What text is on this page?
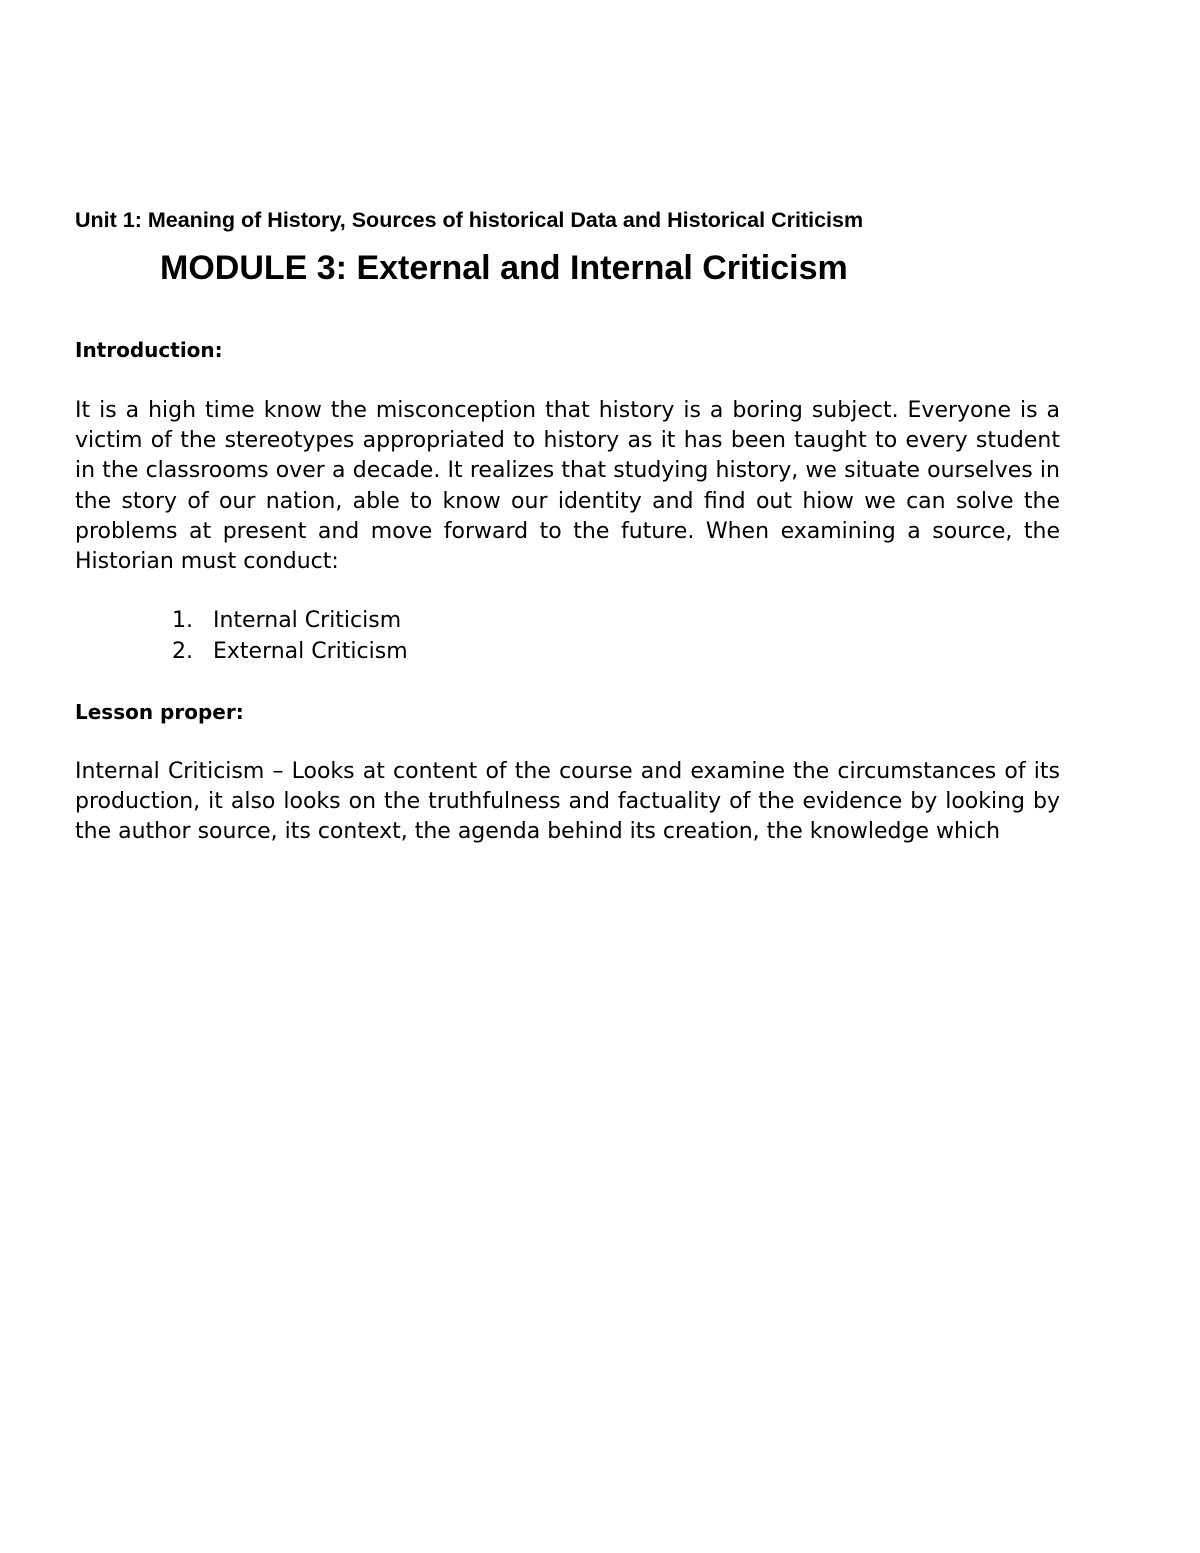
Unit 1: Meaning of History, Sources of historical Data and Historical Criticism
MODULE 3: External and Internal Criticism
Introduction:
It is a high time know the misconception that history is a boring subject. Everyone is a victim of the stereotypes appropriated to history as it has been taught to every student in the classrooms over a decade. It realizes that studying history, we situate ourselves in the story of our nation, able to know our identity and find out hiow we can solve the problems at present and move forward to the future. When examining a source, the Historian must conduct:
1. Internal Criticism
2. External Criticism
Lesson proper:
Internal Criticism – Looks at content of the course and examine the circumstances of its production, it also looks on the truthfulness and factuality of the evidence by looking by the author source, its context, the agenda behind its creation, the knowledge which
